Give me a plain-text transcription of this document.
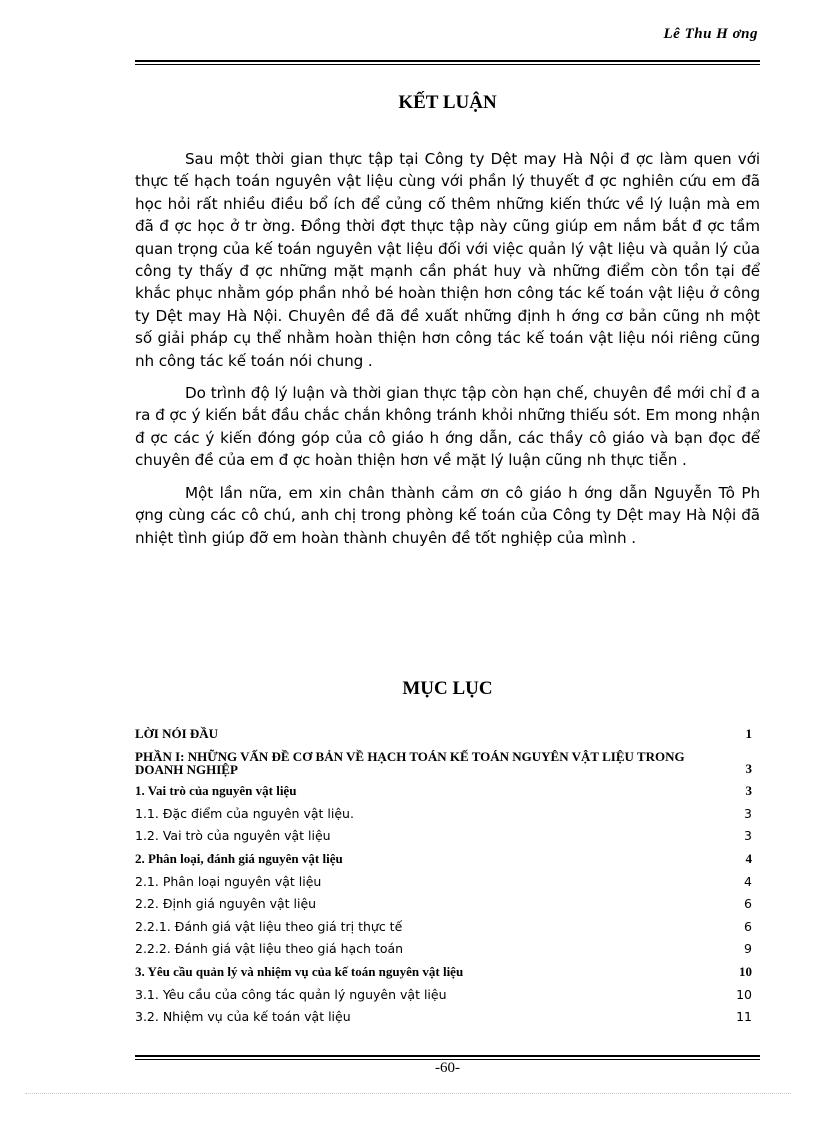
Lê Thu H ơng
KẾT LUẬN

Sau một thời gian thực tập tại Công ty Dệt may Hà Nội đ ợc làm quen với thực tế hạch toán nguyên vật liệu cùng với phần lý thuyết đ ợc nghiên cứu em đã học hỏi rất nhiều điều bổ ích để củng cố thêm những kiến thức về lý luận mà em đã đ ợc học ở tr ờng. Đồng thời đợt thực tập này cũng giúp em nắm bắt đ ợc tầm quan trọng của kế toán nguyên vật liệu đối với việc quản lý vật liệu và quản lý của công ty thấy đ ợc những mặt mạnh cần phát huy và những điểm còn tồn tại để khắc phục nhằm góp phần nhỏ bé hoàn thiện hơn công tác kế toán vật liệu ở công ty Dệt may Hà Nội. Chuyên đề đã đề xuất những định h ớng cơ bản cũng nh một số giải pháp cụ thể nhằm hoàn thiện hơn công tác kế toán vật liệu nói riêng cũng nh công tác kế toán nói chung .

Do trình độ lý luận và thời gian thực tập còn hạn chế, chuyên đề mới chỉ đ a ra đ ợc ý kiến bắt đầu chắc chắn không tránh khỏi những thiếu sót. Em mong nhận đ ợc các ý kiến đóng góp của cô giáo h ớng dẫn, các thầy cô giáo và bạn đọc để chuyên đề của em đ ợc hoàn thiện hơn về mặt lý luận cũng nh thực tiễn .

Một lần nữa, em xin chân thành cảm ơn cô giáo h ớng dẫn Nguyễn Tô Ph ợng cùng các cô chú, anh chị trong phòng kế toán của Công ty Dệt may Hà Nội đã nhiệt tình giúp đỡ em hoàn thành chuyên đề tốt nghiệp của mình .

MỤC LỤC
LỜI NÓI ĐẦU	1
PHẦN I: NHỮNG VẤN ĐỀ CƠ BẢN VỀ HẠCH TOÁN KẾ TOÁN NGUYÊN VẬT LIỆU TRONG DOANH NGHIỆP	3
1. Vai trò của nguyên vật liệu	3
1.1. Đặc điểm của nguyên vật liệu.	3
1.2. Vai trò của nguyên vật liệu	3
2. Phân loại, đánh giá nguyên vật liệu	4
2.1. Phân loại nguyên vật liệu	4
2.2. Định giá nguyên vật liệu	6
2.2.1. Đánh giá vật liệu theo giá trị thực tế	6
2.2.2. Đánh giá vật liệu theo giá hạch toán	9
3. Yêu cầu quản lý và nhiệm vụ của kế toán nguyên vật liệu	10
3.1. Yêu cầu của công tác quản lý nguyên vật liệu	10
3.2. Nhiệm vụ của kế toán vật liệu	11
-60-
